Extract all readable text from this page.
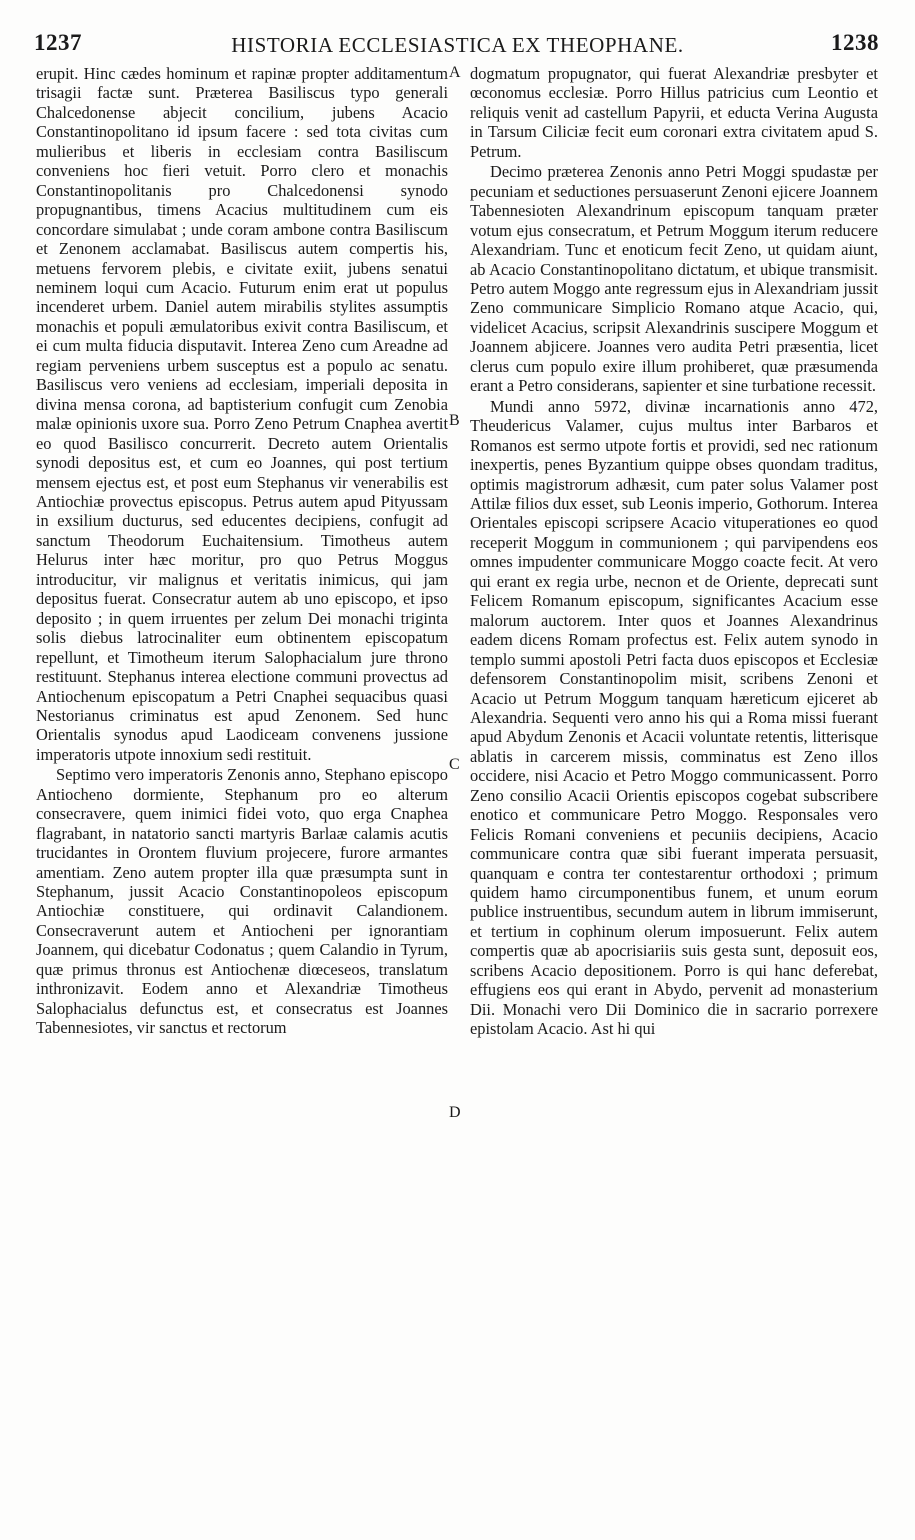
1237	HISTORIA ECCLESIASTICA EX THEOPHANE.	1238
A
B
C
D

erupit. Hinc cædes hominum et rapinæ propter additamentum trisagii factæ sunt. Præterea Basiliscus typo generali Chalcedonense abjecit concilium, jubens Acacio Constantinopolitano id ipsum facere : sed tota civitas cum mulieribus et liberis in ecclesiam contra Basiliscum conveniens hoc fieri vetuit. Porro clero et monachis Constantinopolitanis pro Chalcedonensi synodo propugnantibus, timens Acacius multitudinem cum eis concordare simulabat ; unde coram ambone contra Basiliscum et Zenonem acclamabat. Basiliscus autem compertis his, metuens fervorem plebis, e civitate exiit, jubens senatui neminem loqui cum Acacio. Futurum enim erat ut populus incenderet urbem. Daniel autem mirabilis stylites assumptis monachis et populi æmulatoribus exivit contra Basiliscum, et ei cum multa fiducia disputavit. Interea Zeno cum Areadne ad regiam perveniens urbem susceptus est a populo ac senatu. Basiliscus vero veniens ad ecclesiam, imperiali deposita in divina mensa corona, ad baptisterium confugit cum Zenobia malæ opinionis uxore sua. Porro Zeno Petrum Cnaphea avertit eo quod Basilisco concurrerit. Decreto autem Orientalis synodi depositus est, et cum eo Joannes, qui post tertium mensem ejectus est, et post eum Stephanus vir venerabilis est Antiochiæ provectus episcopus. Petrus autem apud Pityussam in exsilium ducturus, sed educentes decipiens, confugit ad sanctum Theodorum Euchaitensium. Timotheus autem Helurus inter hæc moritur, pro quo Petrus Moggus introducitur, vir malignus et veritatis inimicus, qui jam depositus fuerat. Consecratur autem ab uno episcopo, et ipso deposito ; in quem irruentes per zelum Dei monachi triginta solis diebus latrocinaliter eum obtinentem episcopatum repellunt, et Timotheum iterum Salophacialum jure throno restituunt. Stephanus interea electione communi provectus ad Antiochenum episcopatum a Petri Cnaphei sequacibus quasi Nestorianus criminatus est apud Zenonem. Sed hunc Orientalis synodus apud Laodiceam convenens jussione imperatoris utpote innoxium sedi restituit.

Septimo vero imperatoris Zenonis anno, Stephano episcopo Antiocheno dormiente, Stephanum pro eo alterum consecravere, quem inimici fidei voto, quo erga Cnaphea flagrabant, in natatorio sancti martyris Barlaæ calamis acutis trucidantes in Orontem fluvium projecere, furore armantes amentiam. Zeno autem propter illa quæ præsumpta sunt in Stephanum, jussit Acacio Constantinopoleos episcopum Antiochiæ constituere, qui ordinavit Calandionem. Consecraverunt autem et Antiocheni per ignorantiam Joannem, qui dicebatur Codonatus ; quem Calandio in Tyrum, quæ primus thronus est Antiochenæ diœceseos, translatum inthronizavit. Eodem anno et Alexandriæ Timotheus Salophacialus defunctus est, et consecratus est Joannes Tabennesiotes, vir sanctus et rectorum

dogmatum propugnator, qui fuerat Alexandriæ presbyter et œconomus ecclesiæ. Porro Hillus patricius cum Leontio et reliquis venit ad castellum Papyrii, et educta Verina Augusta in Tarsum Ciliciæ fecit eum coronari extra civitatem apud S. Petrum.

Decimo præterea Zenonis anno Petri Moggi spudastæ per pecuniam et seductiones persuaserunt Zenoni ejicere Joannem Tabennesioten Alexandrinum episcopum tanquam præter votum ejus consecratum, et Petrum Moggum iterum reducere Alexandriam. Tunc et enoticum fecit Zeno, ut quidam aiunt, ab Acacio Constantinopolitano dictatum, et ubique transmisit. Petro autem Moggo ante regressum ejus in Alexandriam jussit Zeno communicare Simplicio Romano atque Acacio, qui, videlicet Acacius, scripsit Alexandrinis suscipere Moggum et Joannem abjicere. Joannes vero audita Petri præsentia, licet clerus cum populo exire illum prohiberet, quæ præsumenda erant a Petro considerans, sapienter et sine turbatione recessit.

Mundi anno 5972, divinæ incarnationis anno 472, Theudericus Valamer, cujus multus inter Barbaros et Romanos est sermo utpote fortis et providi, sed nec rationum inexpertis, penes Byzantium quippe obses quondam traditus, optimis magistrorum adhæsit, cum pater solus Valamer post Attilæ filios dux esset, sub Leonis imperio, Gothorum. Interea Orientales episcopi scripsere Acacio vituperationes eo quod receperit Moggum in communionem ; qui parvipendens eos omnes impudenter communicare Moggo coacte fecit. At vero qui erant ex regia urbe, necnon et de Oriente, deprecati sunt Felicem Romanum episcopum, significantes Acacium esse malorum auctorem. Inter quos et Joannes Alexandrinus eadem dicens Romam profectus est. Felix autem synodo in templo summi apostoli Petri facta duos episcopos et Ecclesiæ defensorem Constantinopolim misit, scribens Zenoni et Acacio ut Petrum Moggum tanquam hæreticum ejiceret ab Alexandria. Sequenti vero anno his qui a Roma missi fuerant apud Abydum Zenonis et Acacii voluntate retentis, litterisque ablatis in carcerem missis, comminatus est Zeno illos occidere, nisi Acacio et Petro Moggo communicassent. Porro Zeno consilio Acacii Orientis episcopos cogebat subscribere enotico et communicare Petro Moggo. Responsales vero Felicis Romani conveniens et pecuniis decipiens, Acacio communicare contra quæ sibi fuerant imperata persuasit, quanquam e contra ter contestarentur orthodoxi ; primum quidem hamo circumponentibus funem, et unum eorum publice instruentibus, secundum autem in librum immiserunt, et tertium in cophinum olerum imposuerunt. Felix autem compertis quæ ab apocrisiariis suis gesta sunt, deposuit eos, scribens Acacio depositionem. Porro is qui hanc deferebat, effugiens eos qui erant in Abydo, pervenit ad monasterium Dii. Monachi vero Dii Dominico die in sacrario porrexere epistolam Acacio. Ast hi qui
